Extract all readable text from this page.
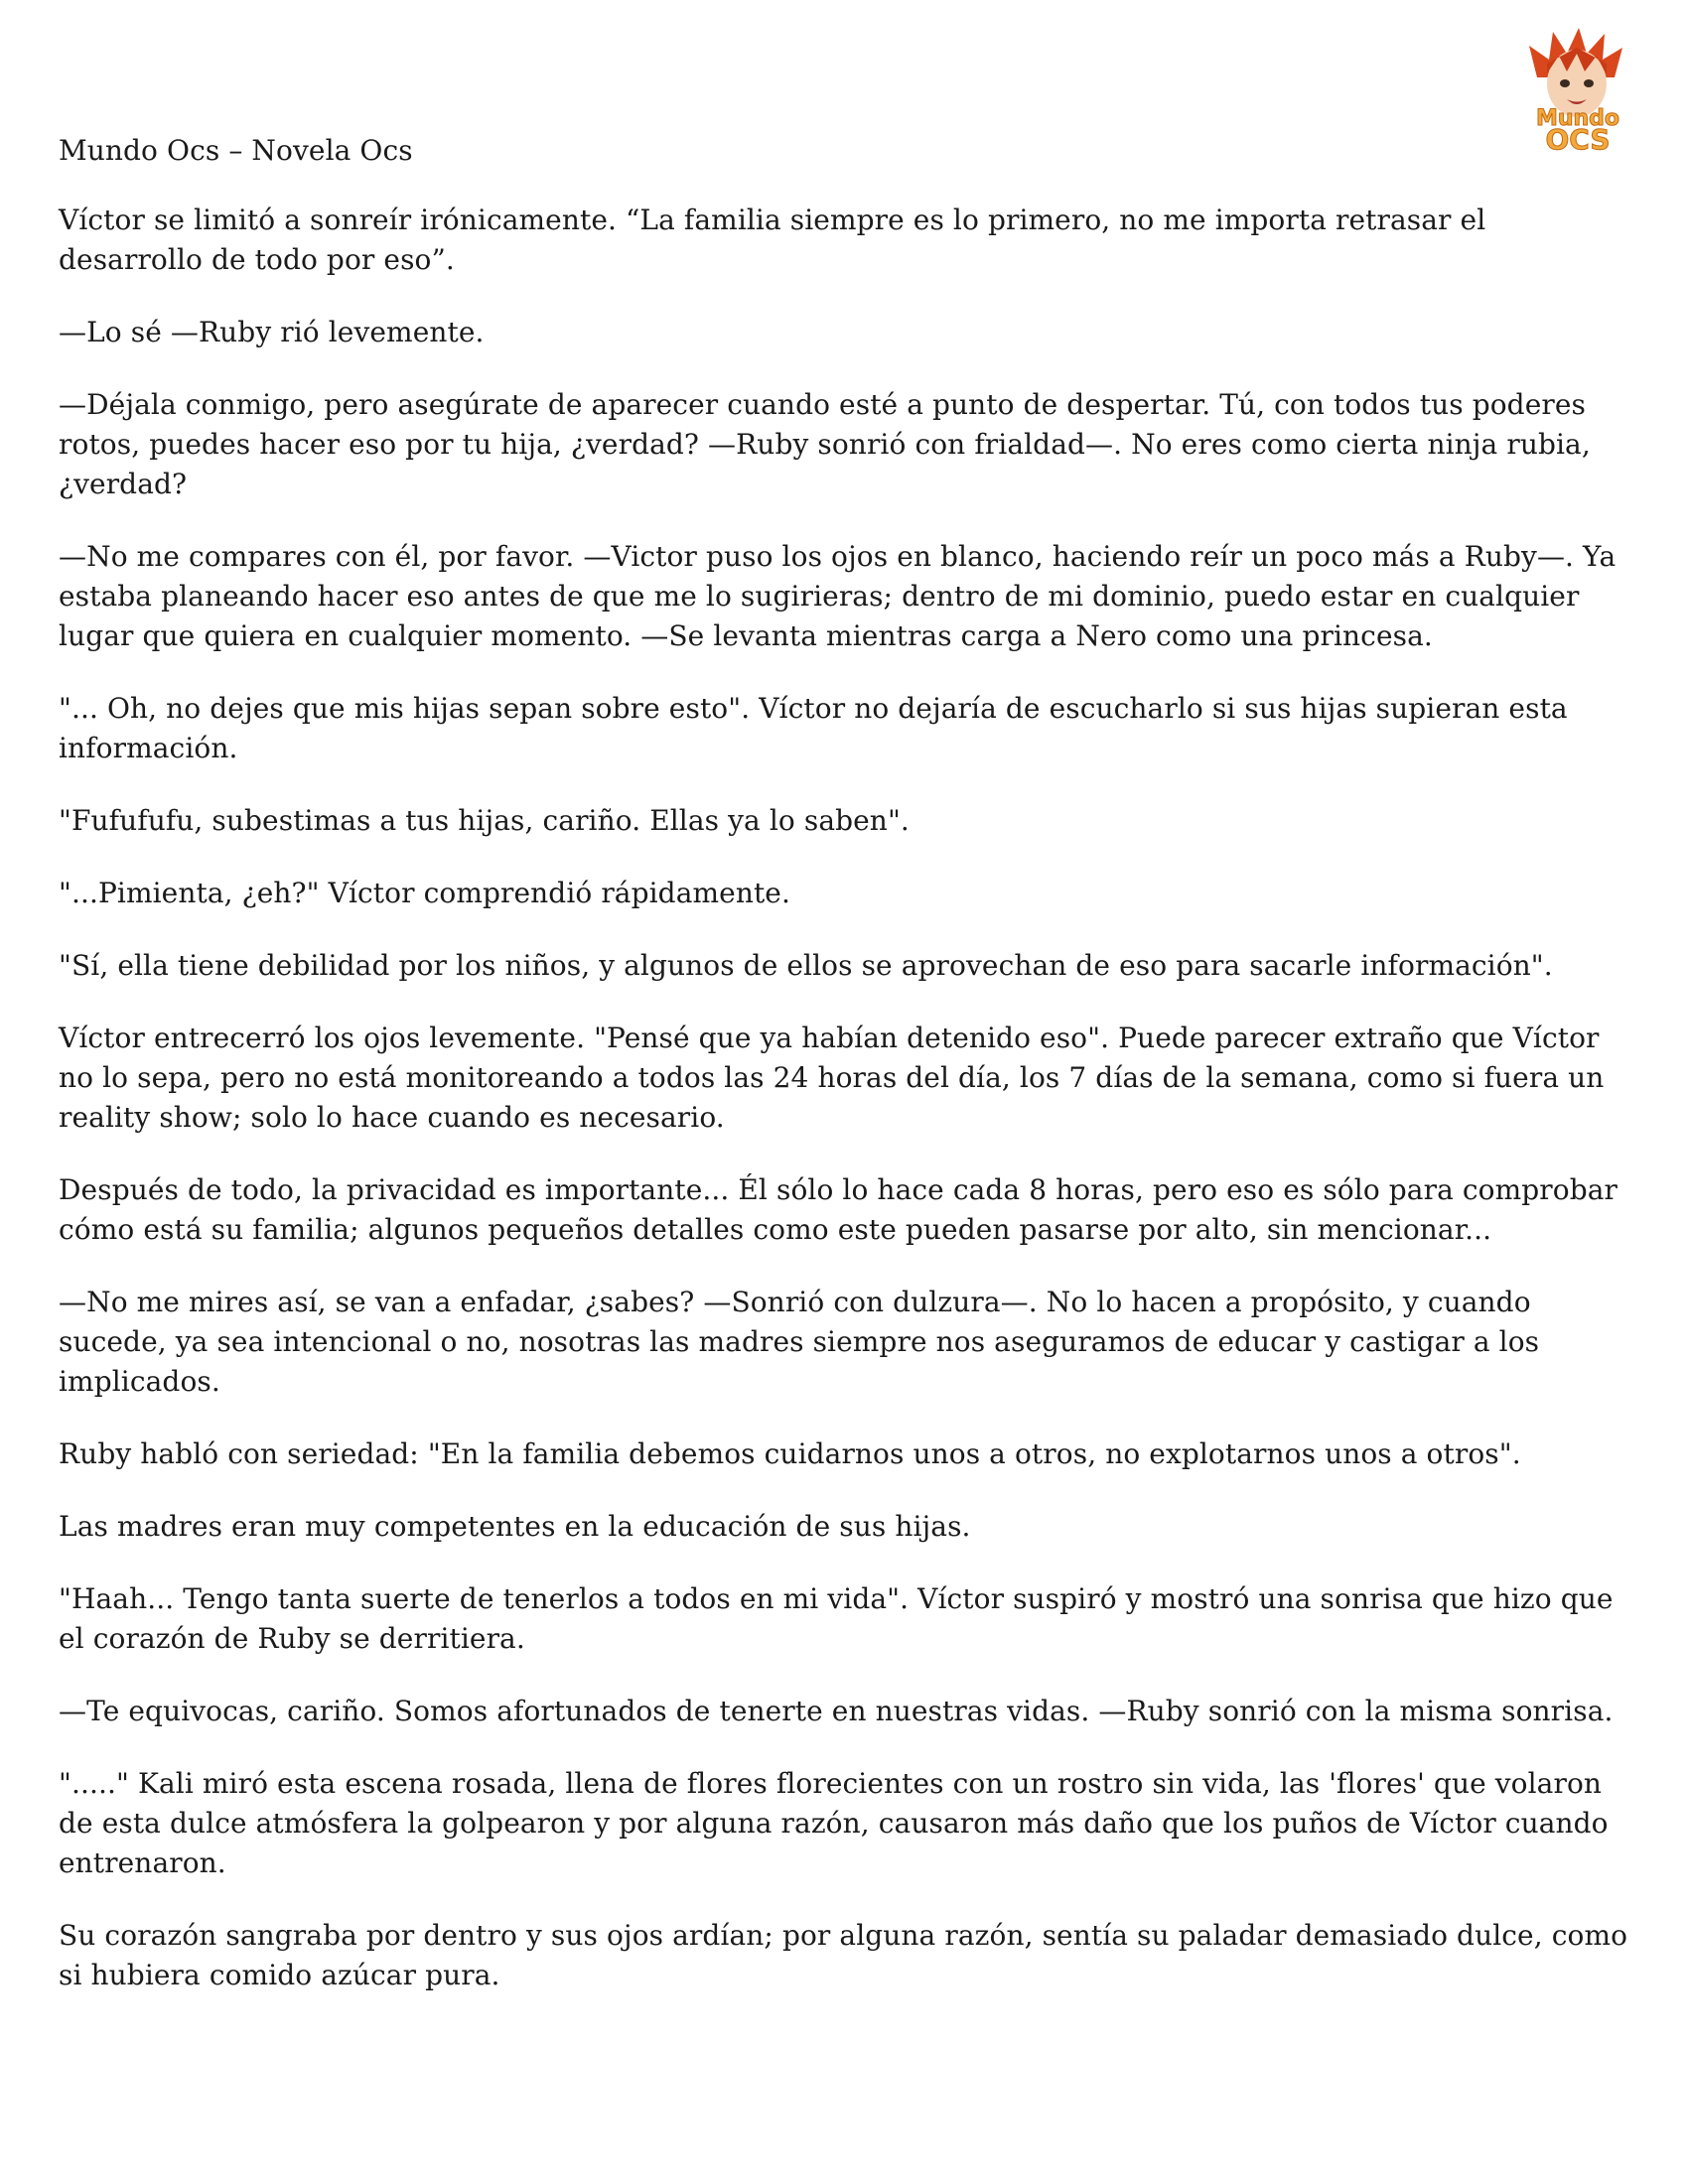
Mundo
OCS
Mundo Ocs – Novela Ocs

Víctor se limitó a sonreír irónicamente. “La familia siempre es lo primero, no me importa retrasar el desarrollo de todo por eso”.

—Lo sé —Ruby rió levemente.

—Déjala conmigo, pero asegúrate de aparecer cuando esté a punto de despertar. Tú, con todos tus poderes rotos, puedes hacer eso por tu hija, ¿verdad? —Ruby sonrió con frialdad—. No eres como cierta ninja rubia, ¿verdad?

—No me compares con él, por favor. —Victor puso los ojos en blanco, haciendo reír un poco más a Ruby—. Ya estaba planeando hacer eso antes de que me lo sugirieras; dentro de mi dominio, puedo estar en cualquier lugar que quiera en cualquier momento. —Se levanta mientras carga a Nero como una princesa.

"... Oh, no dejes que mis hijas sepan sobre esto". Víctor no dejaría de escucharlo si sus hijas supieran esta información.

"Fufufufu, subestimas a tus hijas, cariño. Ellas ya lo saben".

"...Pimienta, ¿eh?" Víctor comprendió rápidamente.

"Sí, ella tiene debilidad por los niños, y algunos de ellos se aprovechan de eso para sacarle información".

Víctor entrecerró los ojos levemente. "Pensé que ya habían detenido eso". Puede parecer extraño que Víctor no lo sepa, pero no está monitoreando a todos las 24 horas del día, los 7 días de la semana, como si fuera un reality show; solo lo hace cuando es necesario.

Después de todo, la privacidad es importante... Él sólo lo hace cada 8 horas, pero eso es sólo para comprobar cómo está su familia; algunos pequeños detalles como este pueden pasarse por alto, sin mencionar...

—No me mires así, se van a enfadar, ¿sabes? —Sonrió con dulzura—. No lo hacen a propósito, y cuando sucede, ya sea intencional o no, nosotras las madres siempre nos aseguramos de educar y castigar a los implicados.

Ruby habló con seriedad: "En la familia debemos cuidarnos unos a otros, no explotarnos unos a otros".

Las madres eran muy competentes en la educación de sus hijas.

"Haah... Tengo tanta suerte de tenerlos a todos en mi vida". Víctor suspiró y mostró una sonrisa que hizo que el corazón de Ruby se derritiera.

—Te equivocas, cariño. Somos afortunados de tenerte en nuestras vidas. —Ruby sonrió con la misma sonrisa.

"....." Kali miró esta escena rosada, llena de flores florecientes con un rostro sin vida, las 'flores' que volaron de esta dulce atmósfera la golpearon y por alguna razón, causaron más daño que los puños de Víctor cuando entrenaron.

Su corazón sangraba por dentro y sus ojos ardían; por alguna razón, sentía su paladar demasiado dulce, como si hubiera comido azúcar pura.
